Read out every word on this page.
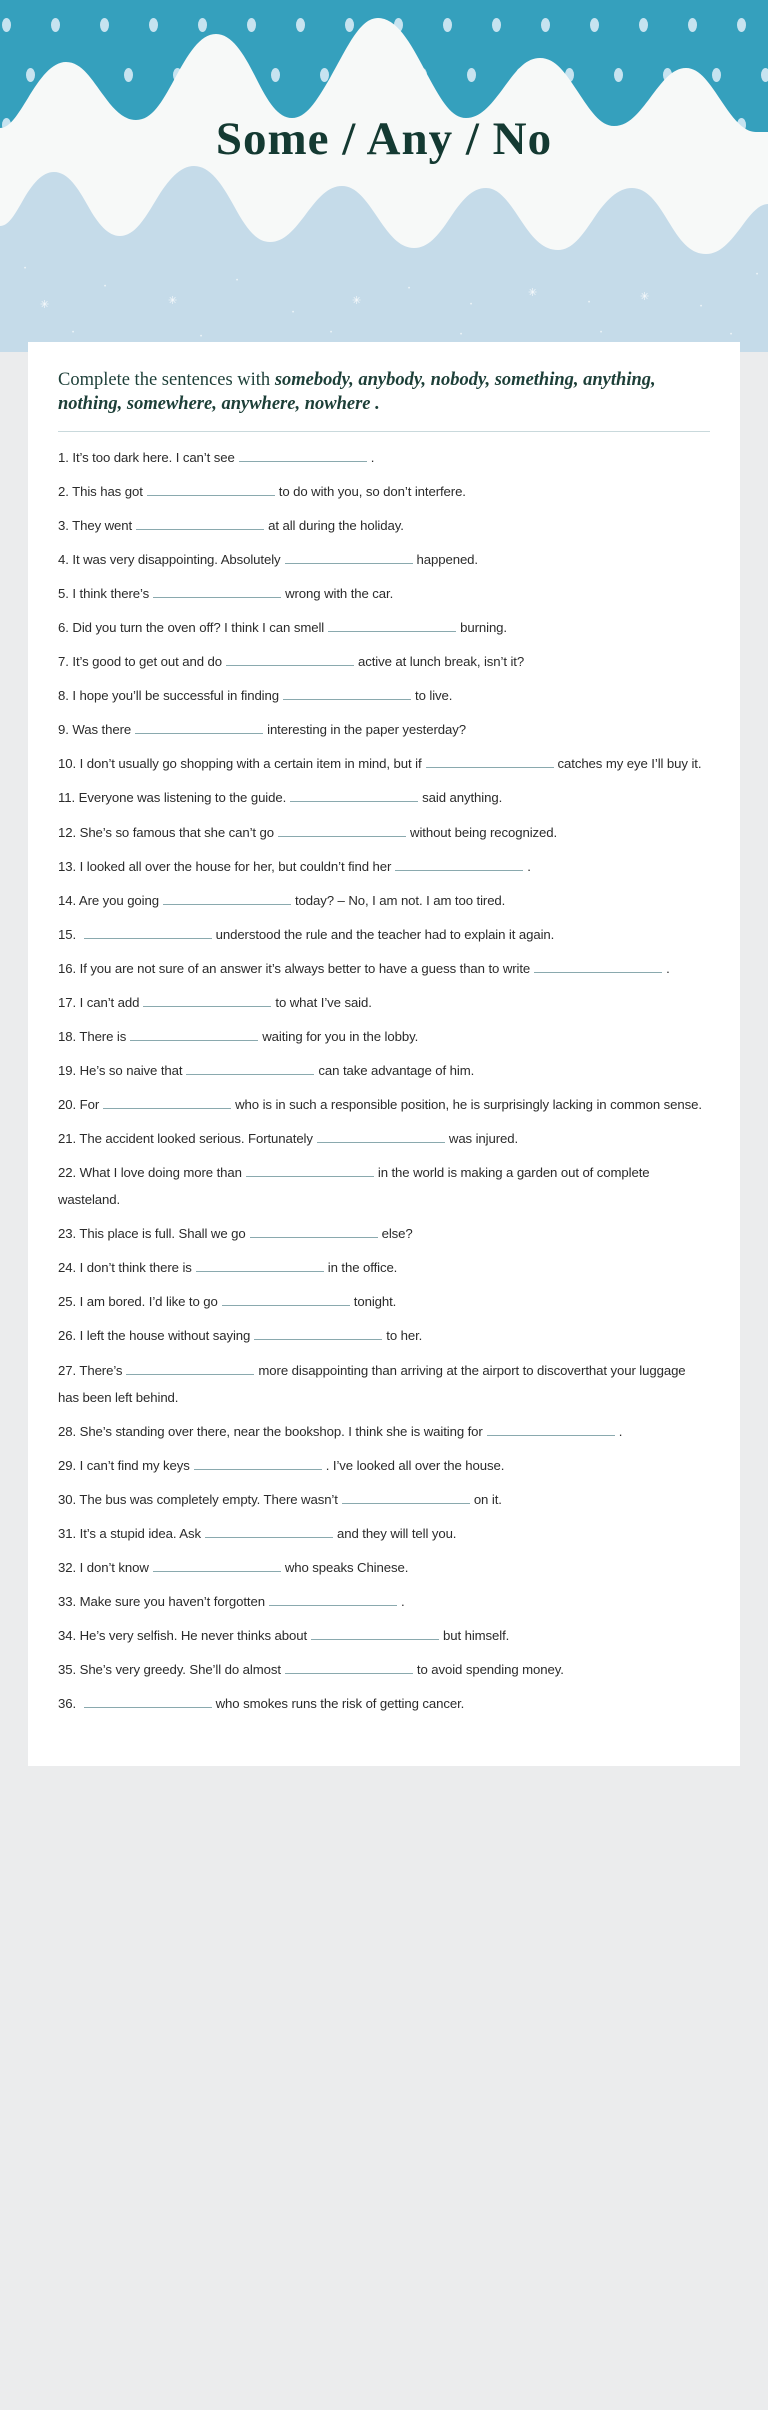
✳
•
✳
•
•
✳
•
•
✳
•	✳
•
•
•
•	•	•	•
•
•
Some / Any / No
Complete the sentences with somebody, anybody, nobody, something, anything, nothing, somewhere, anywhere, nowhere .

1. It’s too dark here. I can’t see	.

2. This has got	to do with you, so don’t interfere.

3. They went	at all during the holiday.

4. It was very disappointing. Absolutely	happened.

5. I think there’s	wrong with the car.

6. Did you turn the oven off? I think I can smell	burning.

7. It’s good to get out and do	active at lunch break, isn’t it?

8. I hope you’ll be successful in finding	to live.

9. Was there	interesting in the paper yesterday?

10. I don’t usually go shopping with a certain item in mind, but if	catches my eye I’ll buy it.

11. Everyone was listening to the guide.	said anything.

12. She’s so famous that she can’t go	without being recognized.

13. I looked all over the house for her, but couldn’t find her	.

14. Are you going	today? – No, I am not. I am too tired.

15.	understood the rule and the teacher had to explain it again.

16. If you are not sure of an answer it’s always better to have a guess than to write	.

17. I can’t add	to what I’ve said.

18. There is	waiting for you in the lobby.

19. He’s so naive that	can take advantage of him.

20. For	who is in such a responsible position, he is surprisingly lacking in common sense.

21. The accident looked serious. Fortunately	was injured.

22. What I love doing more than	in the world is making a garden out of complete wasteland.

23. This place is full. Shall we go	else?

24. I don’t think there is	in the office.

25. I am bored. I’d like to go	tonight.

26. I left the house without saying	to her.

27. There’s	more disappointing than arriving at the airport to discoverthat your luggage has been left behind.

28. She’s standing over there, near the bookshop. I think she is waiting for	.

29. I can’t find my keys	. I’ve looked all over the house.

30. The bus was completely empty. There wasn’t	on it.

31. It’s a stupid idea. Ask	and they will tell you.

32. I don’t know	who speaks Chinese.

33. Make sure you haven’t forgotten	.

34. He’s very selfish. He never thinks about	but himself.

35. She’s very greedy. She’ll do almost	to avoid spending money.

36.	who smokes runs the risk of getting cancer.
